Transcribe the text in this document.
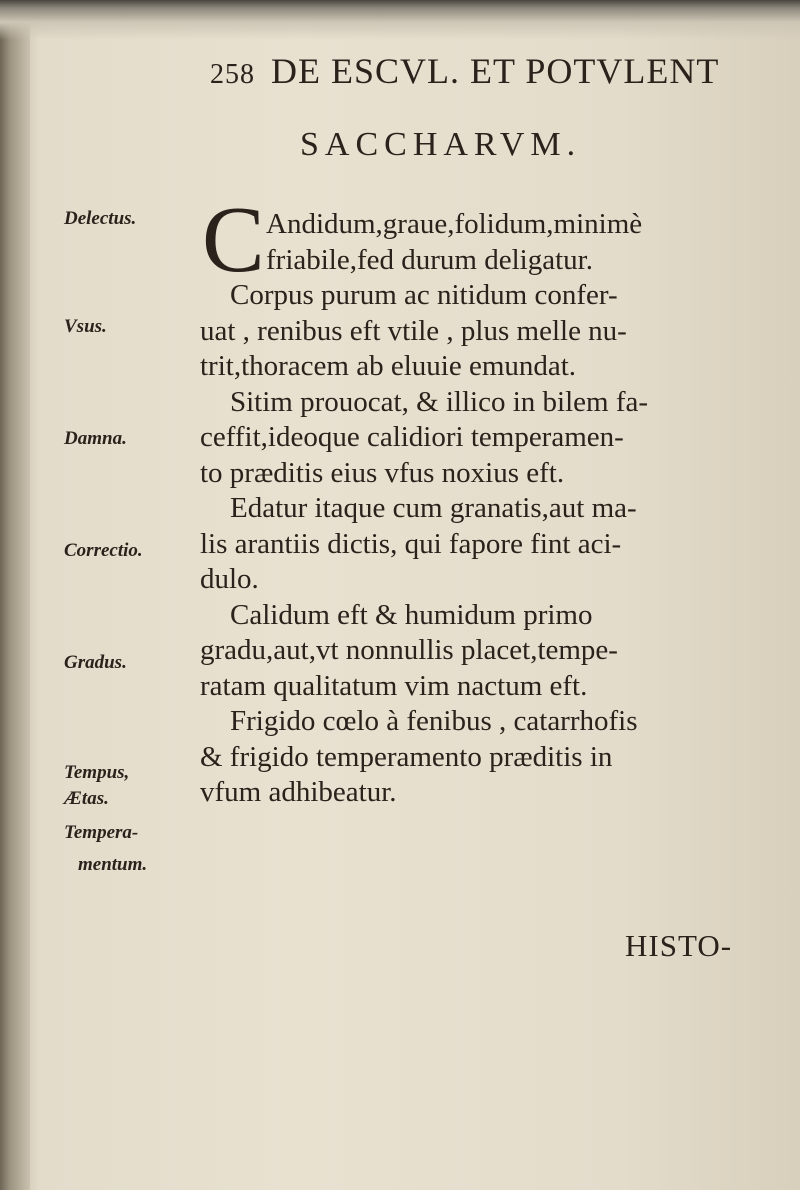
258 DE ESCVL. ET POTVLENT
SACCHARVM.
Delectus.
Vsus.
Damna.
Correctio.
Gradus.
Tempus,
Ætas.
Tempera-
mentum.
C Andidum,graue,folidum,minimè
friabile,fed durum deligatur.
Corpus purum ac nitidum confer-
uat , renibus eft vtile , plus melle nu-
trit,thoracem ab eluuie emundat.
Sitim prouocat, & illico in bilem fa-
ceffit,ideoque calidiori temperamen-
to præditis eius vfus noxius eft.
Edatur itaque cum granatis,aut ma-
lis arantiis dictis, qui fapore fint aci-
dulo.
Calidum eft & humidum primo
gradu,aut,vt nonnullis placet,tempe-
ratam qualitatum vim nactum eft.
Frigido cœlo à fenibus , catarrhofis
& frigido temperamento præditis in
vfum adhibeatur.
HISTO-
